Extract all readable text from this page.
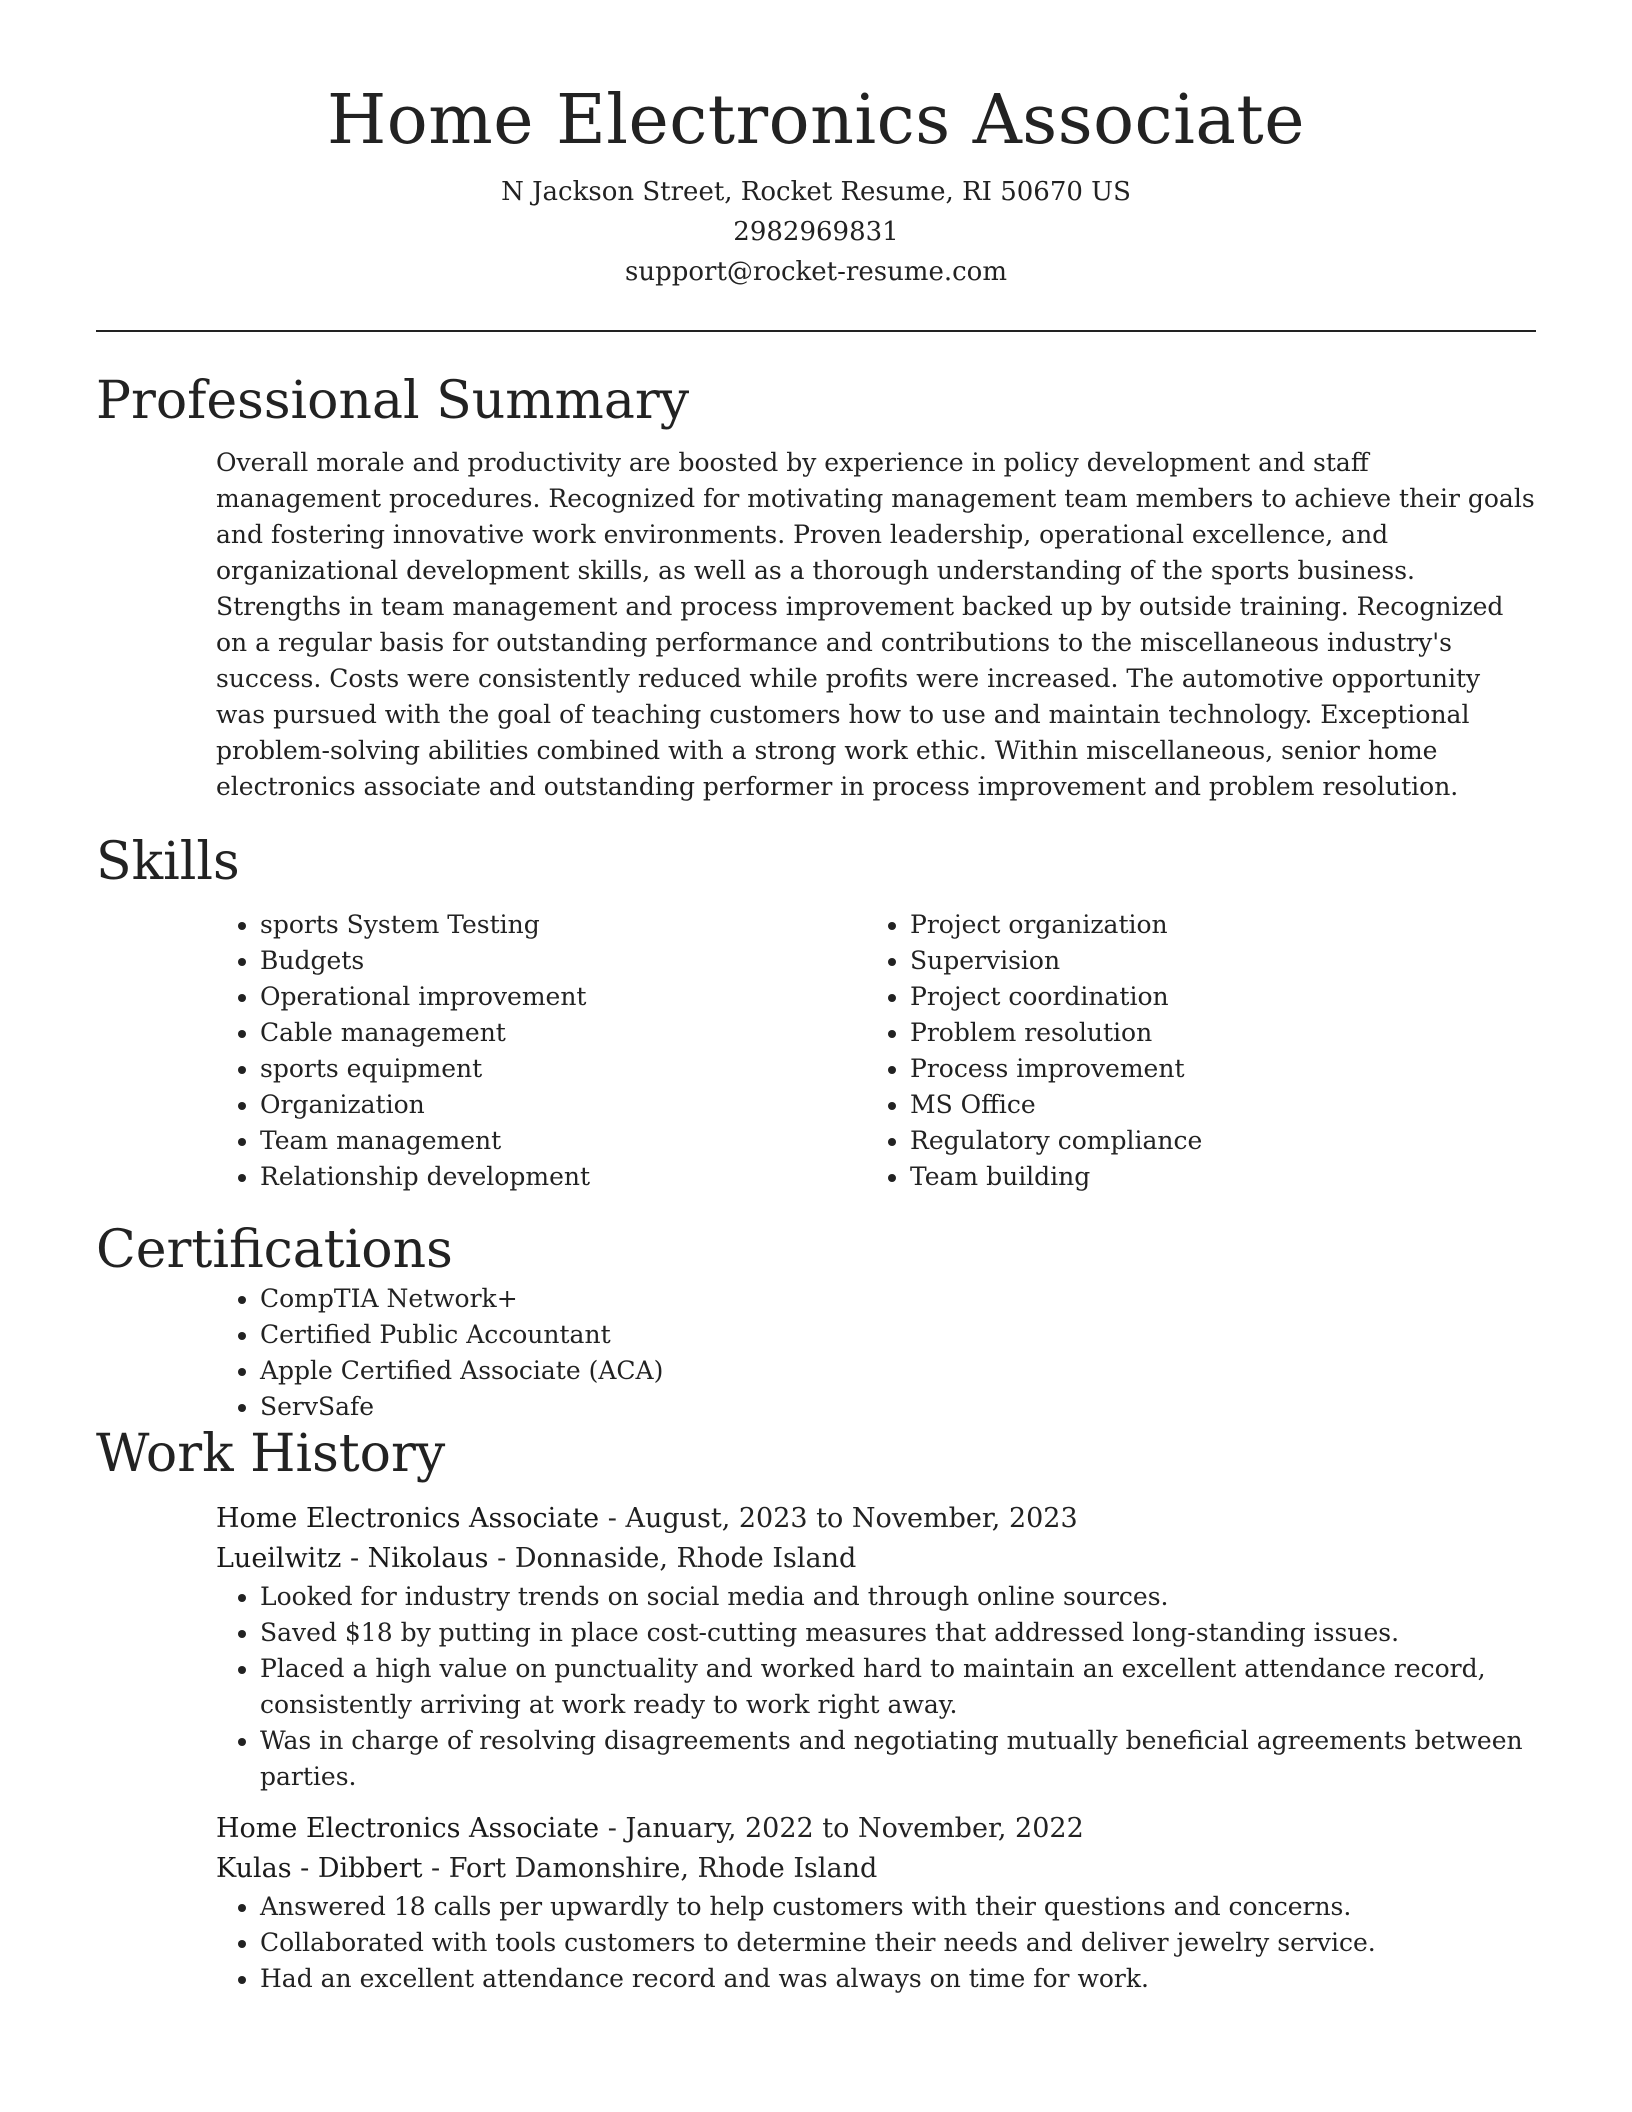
Home Electronics Associate

N Jackson Street, Rocket Resume, RI 50670 US

2982969831

support@rocket-resume.com

Professional Summary

Overall morale and productivity are boosted by experience in policy development and staff management procedures. Recognized for motivating management team members to achieve their goals and fostering innovative work environments. Proven leadership, operational excellence, and organizational development skills, as well as a thorough understanding of the sports business. Strengths in team management and process improvement backed up by outside training. Recognized on a regular basis for outstanding performance and contributions to the miscellaneous industry's success. Costs were consistently reduced while profits were increased. The automotive opportunity was pursued with the goal of teaching customers how to use and maintain technology. Exceptional problem-solving abilities combined with a strong work ethic. Within miscellaneous, senior home electronics associate and outstanding performer in process improvement and problem resolution.

Skills
• sports System Testing
• Budgets
• Operational improvement
• Cable management
• sports equipment
• Organization
• Team management
• Relationship development
• Project organization
• Supervision
• Project coordination
• Problem resolution
• Process improvement
• MS Office
• Regulatory compliance
• Team building
Certifications
• CompTIA Network+
• Certified Public Accountant
• Apple Certified Associate (ACA)
• ServSafe
Work History

Home Electronics Associate - August, 2023 to November, 2023

Lueilwitz - Nikolaus - Donnaside, Rhode Island

• Looked for industry trends on social media and through online sources.
• Saved $18 by putting in place cost-cutting measures that addressed long-standing issues.
• Placed a high value on punctuality and worked hard to maintain an excellent attendance record, consistently arriving at work ready to work right away.
• Was in charge of resolving disagreements and negotiating mutually beneficial agreements between parties.

Home Electronics Associate - January, 2022 to November, 2022

Kulas - Dibbert - Fort Damonshire, Rhode Island

• Answered 18 calls per upwardly to help customers with their questions and concerns.
• Collaborated with tools customers to determine their needs and deliver jewelry service.
• Had an excellent attendance record and was always on time for work.
